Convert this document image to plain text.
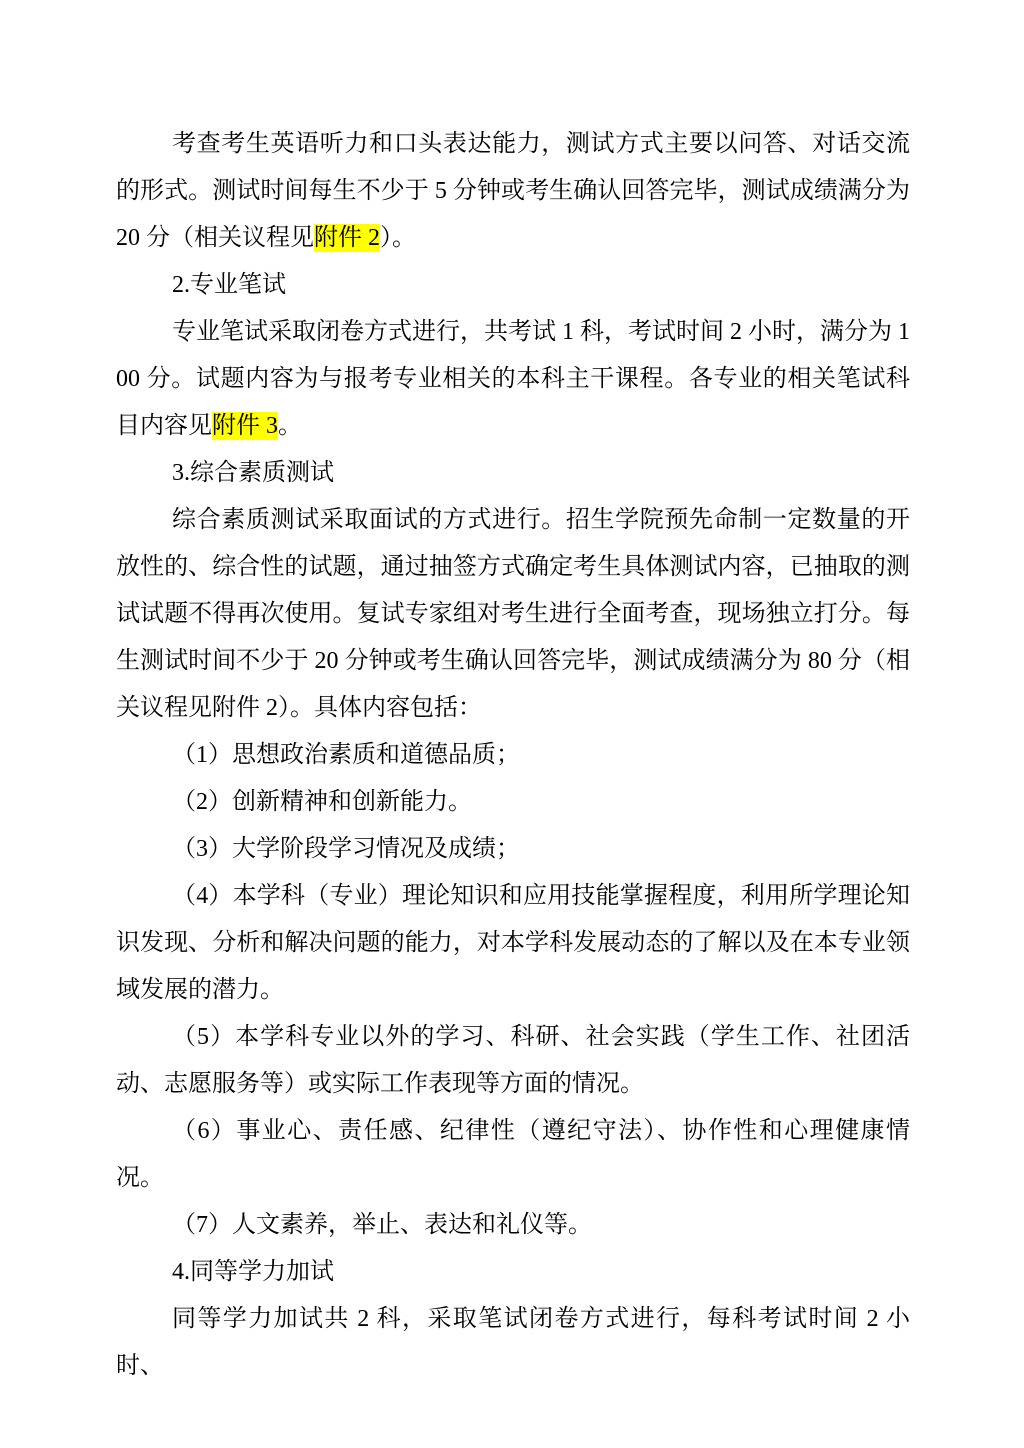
考查考生英语听力和口头表达能力，测试方式主要以问答、对话交流的形式。测试时间每生不少于 5 分钟或考生确认回答完毕，测试成绩满分为 20 分（相关议程见附件 2）。

2.专业笔试

专业笔试采取闭卷方式进行，共考试 1 科，考试时间 2 小时，满分为 100 分。试题内容为与报考专业相关的本科主干课程。各专业的相关笔试科目内容见附件 3。

3.综合素质测试

综合素质测试采取面试的方式进行。招生学院预先命制一定数量的开放性的、综合性的试题，通过抽签方式确定考生具体测试内容，已抽取的测试试题不得再次使用。复试专家组对考生进行全面考查，现场独立打分。每生测试时间不少于 20 分钟或考生确认回答完毕，测试成绩满分为 80 分（相关议程见附件 2）。具体内容包括：

（1）思想政治素质和道德品质；

（2）创新精神和创新能力。

（3）大学阶段学习情况及成绩；

（4）本学科（专业）理论知识和应用技能掌握程度，利用所学理论知识发现、分析和解决问题的能力，对本学科发展动态的了解以及在本专业领域发展的潜力。

（5）本学科专业以外的学习、科研、社会实践（学生工作、社团活动、志愿服务等）或实际工作表现等方面的情况。

（6）事业心、责任感、纪律性（遵纪守法）、协作性和心理健康情况。

（7）人文素养，举止、表达和礼仪等。

4.同等学力加试

同等学力加试共 2 科，采取笔试闭卷方式进行，每科考试时间 2 小时、
